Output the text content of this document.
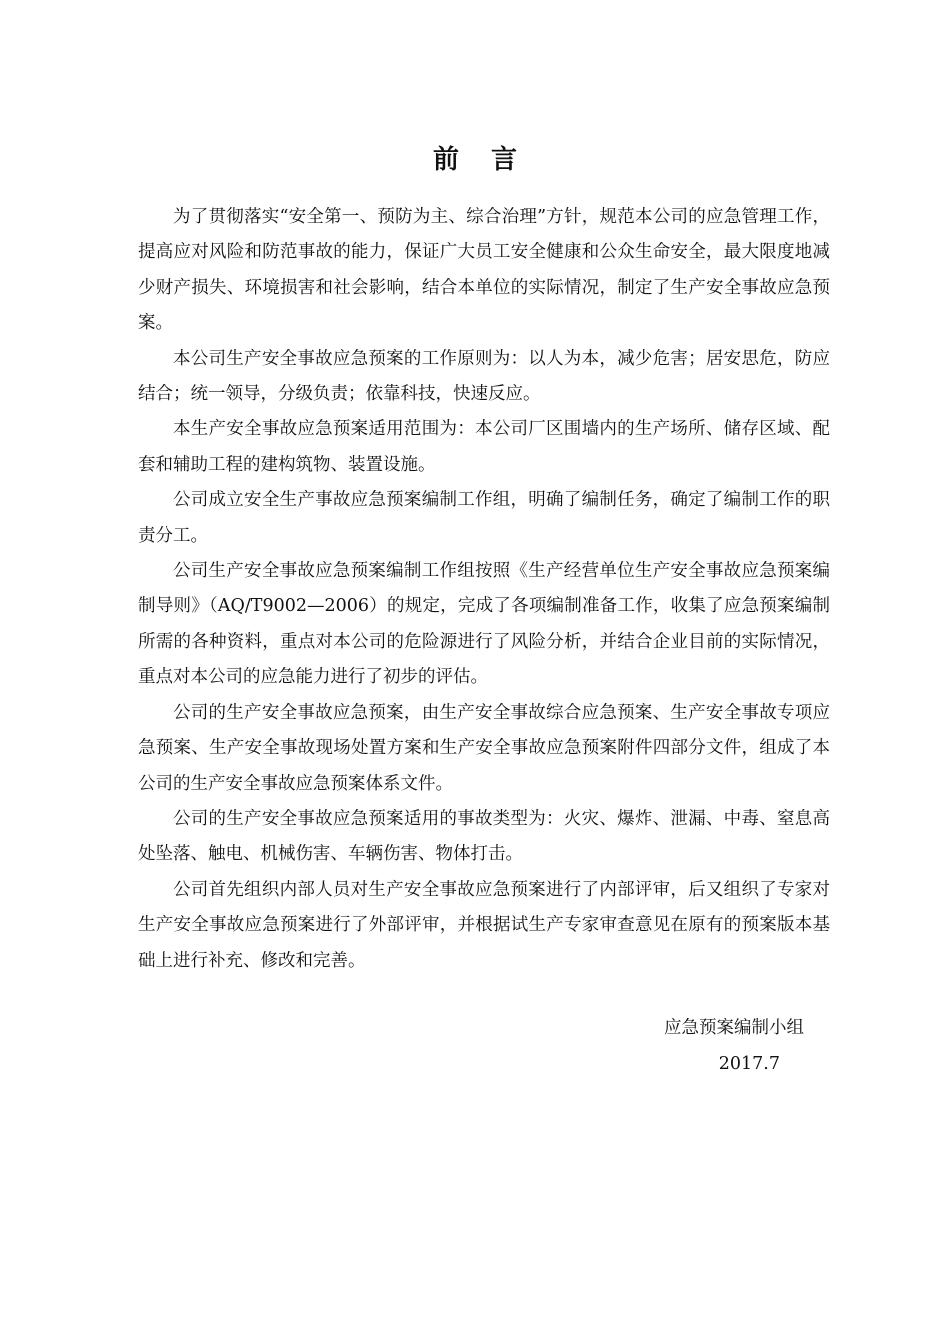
前言

为了贯彻落实“安全第一、预防为主、综合治理”方针，规范本公司的应急管理工作，提高应对风险和防范事故的能力，保证广大员工安全健康和公众生命安全，最大限度地减少财产损失、环境损害和社会影响，结合本单位的实际情况，制定了生产安全事故应急预案。

本公司生产安全事故应急预案的工作原则为：以人为本，减少危害；居安思危，防应结合；统一领导，分级负责；依靠科技，快速反应。

本生产安全事故应急预案适用范围为：本公司厂区围墙内的生产场所、储存区域、配套和辅助工程的建构筑物、装置设施。

公司成立安全生产事故应急预案编制工作组，明确了编制任务，确定了编制工作的职责分工。

公司生产安全事故应急预案编制工作组按照《生产经营单位生产安全事故应急预案编制导则》（AQ/T9002—2006）的规定，完成了各项编制准备工作，收集了应急预案编制所需的各种资料，重点对本公司的危险源进行了风险分析，并结合企业目前的实际情况，重点对本公司的应急能力进行了初步的评估。

公司的生产安全事故应急预案，由生产安全事故综合应急预案、生产安全事故专项应急预案、生产安全事故现场处置方案和生产安全事故应急预案附件四部分文件，组成了本公司的生产安全事故应急预案体系文件。

公司的生产安全事故应急预案适用的事故类型为：火灾、爆炸、泄漏、中毒、窒息高处坠落、触电、机械伤害、车辆伤害、物体打击。

公司首先组织内部人员对生产安全事故应急预案进行了内部评审，后又组织了专家对生产安全事故应急预案进行了外部评审，并根据试生产专家审查意见在原有的预案版本基础上进行补充、修改和完善。

应急预案编制小组

2017.7
